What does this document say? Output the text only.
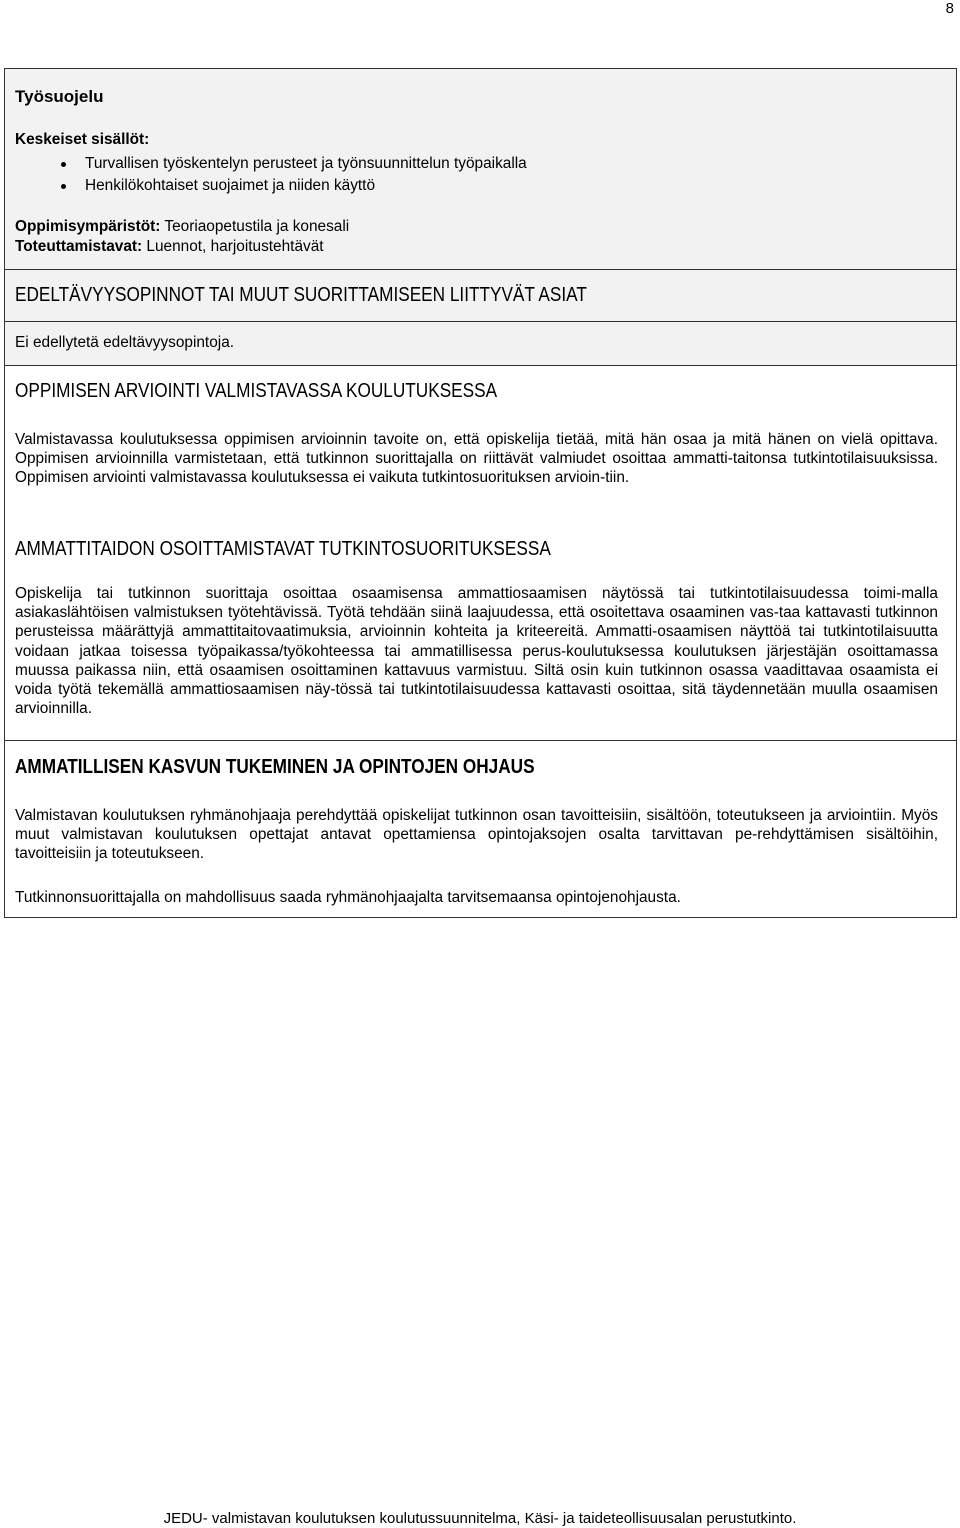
8
Työsuojelu
Keskeiset sisällöt:
Turvallisen työskentelyn perusteet ja työnsuunnittelun työpaikalla
Henkilökohtaiset suojaimet ja niiden käyttö
Oppimisympäristöt: Teoriaopetustila ja konesali
Toteuttamistavat: Luennot, harjoitustehtävät
EDELTÄVYYSOPINNOT TAI MUUT SUORITTAMISEEN LIITTYVÄT ASIAT
Ei edellytetä edeltävyysopintoja.
OPPIMISEN ARVIOINTI VALMISTAVASSA KOULUTUKSESSA

Valmistavassa koulutuksessa oppimisen arvioinnin tavoite on, että opiskelija tietää, mitä hän osaa ja mitä hänen on vielä opittava. Oppimisen arvioinnilla varmistetaan, että tutkinnon suorittajalla on riittävät valmiudet osoittaa ammatti-taitonsa tutkintotilaisuuksissa. Oppimisen arviointi valmistavassa koulutuksessa ei vaikuta tutkintosuorituksen arvioin-tiin.

AMMATTITAIDON OSOITTAMISTAVAT TUTKINTOSUORITUKSESSA

Opiskelija tai tutkinnon suorittaja osoittaa osaamisensa ammattiosaamisen näytössä tai tutkintotilaisuudessa toimi-malla asiakaslähtöisen valmistuksen työtehtävissä. Työtä tehdään siinä laajuudessa, että osoitettava osaaminen vas-taa kattavasti tutkinnon perusteissa määrättyjä ammattitaitovaatimuksia, arvioinnin kohteita ja kriteereitä. Ammatti-osaamisen näyttöä tai tutkintotilaisuutta voidaan jatkaa toisessa työpaikassa/työkohteessa tai ammatillisessa perus-koulutuksessa koulutuksen järjestäjän osoittamassa muussa paikassa niin, että osaamisen osoittaminen kattavuus varmistuu. Siltä osin kuin tutkinnon osassa vaadittavaa osaamista ei voida työtä tekemällä ammattiosaamisen näy-tössä tai tutkintotilaisuudessa kattavasti osoittaa, sitä täydennetään muulla osaamisen arvioinnilla.

AMMATILLISEN KASVUN TUKEMINEN JA OPINTOJEN OHJAUS

Valmistavan koulutuksen ryhmänohjaaja perehdyttää opiskelijat tutkinnon osan tavoitteisiin, sisältöön, toteutukseen ja arviointiin. Myös muut valmistavan koulutuksen opettajat antavat opettamiensa opintojaksojen osalta tarvittavan pe-rehdyttämisen sisältöihin, tavoitteisiin ja toteutukseen.

Tutkinnonsuorittajalla on mahdollisuus saada ryhmänohjaajalta tarvitsemaansa opintojenohjausta.

JEDU- valmistavan koulutuksen koulutussuunnitelma, Käsi- ja taideteollisuusalan perustutkinto.
